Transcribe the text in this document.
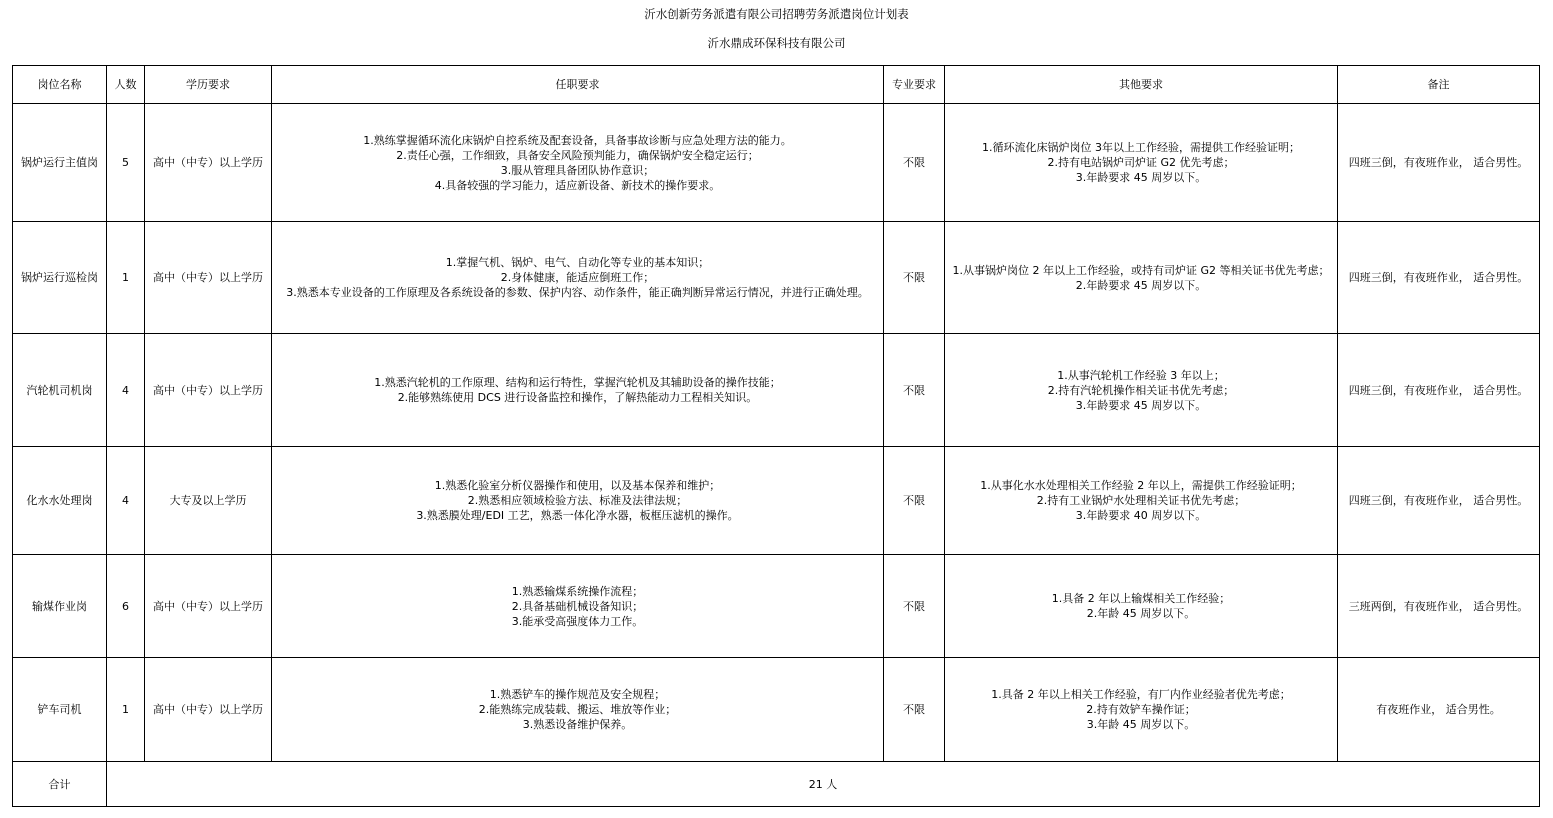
沂水创新劳务派遣有限公司招聘劳务派遣岗位计划表
沂水鼎成环保科技有限公司
岗位名称	人数	学历要求	任职要求	专业要求	其他要求	备注
锅炉运行主值岗	5	高中（中专）以上学历	1.熟练掌握循环流化床锅炉自控系统及配套设备，具备事故诊断与应急处理方法的能力。
2.责任心强，工作细致，具备安全风险预判能力，确保锅炉安全稳定运行；
3.服从管理具备团队协作意识；
4.具备较强的学习能力，适应新设备、新技术的操作要求。	不限	1.循环流化床锅炉岗位 3年以上工作经验，需提供工作经验证明；
2.持有电站锅炉司炉证 G2 优先考虑；
3.年龄要求 45 周岁以下。	四班三倒，有夜班作业， 适合男性。
锅炉运行巡检岗	1	高中（中专）以上学历	1.掌握气机、锅炉、电气、自动化等专业的基本知识；
2.身体健康，能适应倒班工作；
3.熟悉本专业设备的工作原理及各系统设备的参数、保护内容、动作条件，能正确判断异常运行情况，并进行正确处理。	不限	1.从事锅炉岗位 2 年以上工作经验，或持有司炉证 G2 等相关证书优先考虑；
2.年龄要求 45 周岁以下。	四班三倒，有夜班作业， 适合男性。
汽轮机司机岗	4	高中（中专）以上学历	1.熟悉汽轮机的工作原理、结构和运行特性，掌握汽轮机及其辅助设备的操作技能；
2.能够熟练使用 DCS 进行设备监控和操作，了解热能动力工程相关知识。	不限	1.从事汽轮机工作经验 3 年以上；
2.持有汽轮机操作相关证书优先考虑；
3.年龄要求 45 周岁以下。	四班三倒，有夜班作业， 适合男性。
化水水处理岗	4	大专及以上学历	1.熟悉化验室分析仪器操作和使用，以及基本保养和维护；
2.熟悉相应领域检验方法、标准及法律法规；
3.熟悉膜处理/EDI 工艺，熟悉一体化净水器，板框压滤机的操作。	不限	1.从事化水水处理相关工作经验 2 年以上，需提供工作经验证明；
2.持有工业锅炉水处理相关证书优先考虑；
3.年龄要求 40 周岁以下。	四班三倒，有夜班作业， 适合男性。
输煤作业岗	6	高中（中专）以上学历	1.熟悉输煤系统操作流程；
2.具备基础机械设备知识；
3.能承受高强度体力工作。	不限	1.具备 2 年以上输煤相关工作经验；
2.年龄 45 周岁以下。	三班两倒，有夜班作业， 适合男性。
铲车司机	1	高中（中专）以上学历	1.熟悉铲车的操作规范及安全规程；
2.能熟练完成装载、搬运、堆放等作业；
3.熟悉设备维护保养。	不限	1.具备 2 年以上相关工作经验，有厂内作业经验者优先考虑；
2.持有效铲车操作证；
3.年龄 45 周岁以下。	有夜班作业， 适合男性。
合计	21 人					
